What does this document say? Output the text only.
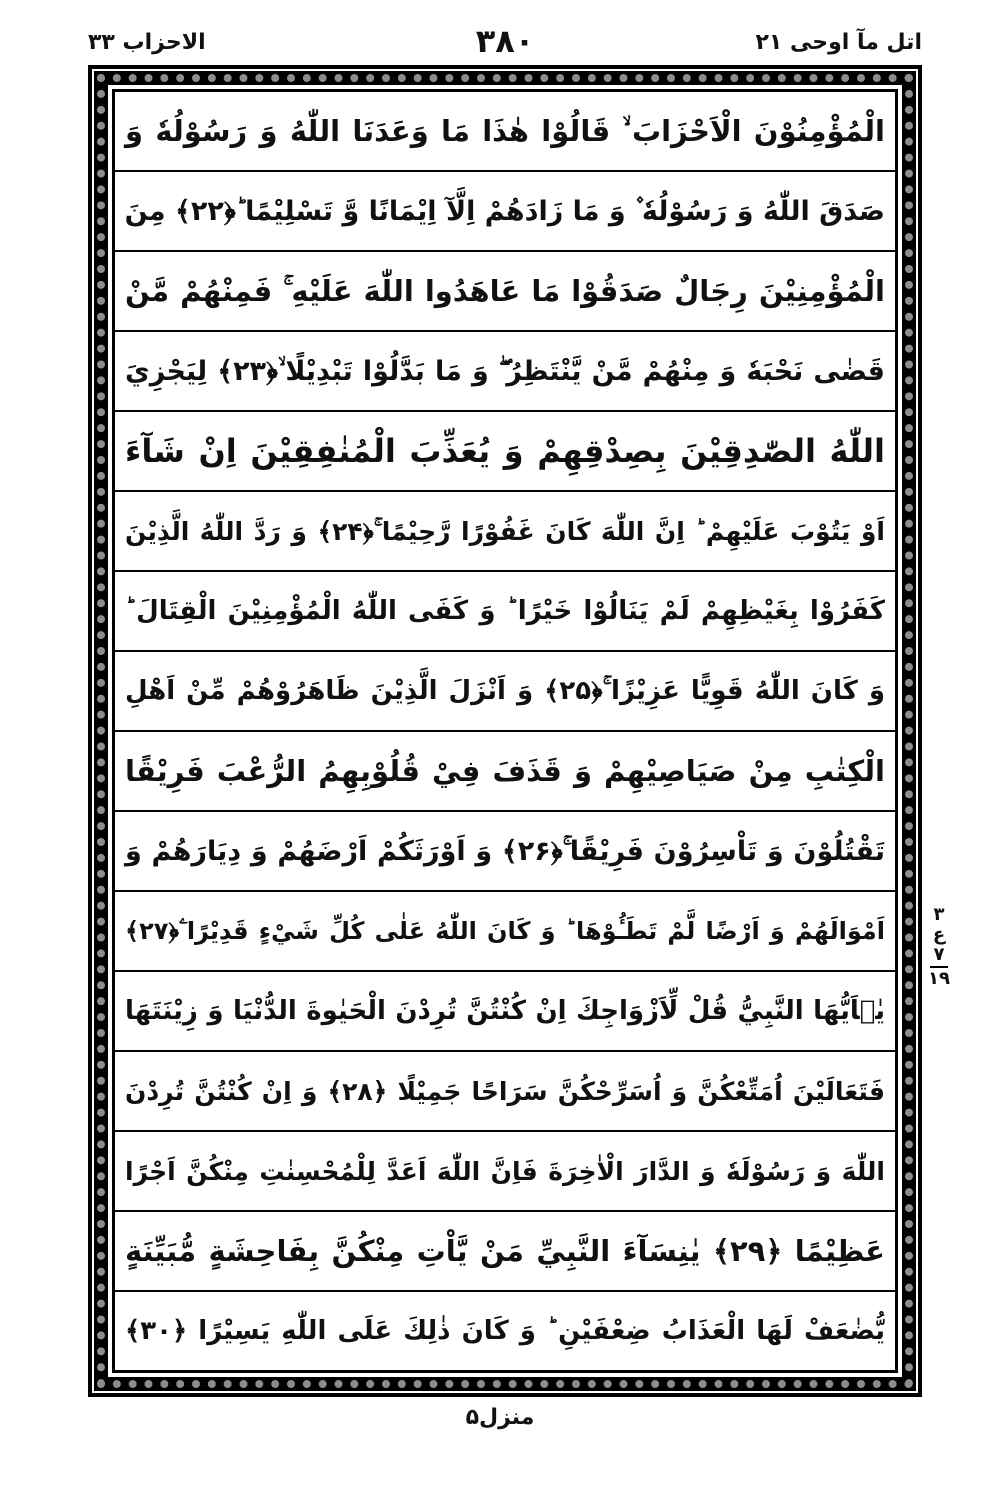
الاحزاب ۳۳	۳۸۰	اتل مآ اوحی ۲۱
الْمُؤْمِنُوْنَ الْاَحْزَابَ ۙ قَالُوْا هٰذَا مَا وَعَدَنَا اللّٰهُ وَ رَسُوْلُهٗ وَ
صَدَقَ اللّٰهُ وَ رَسُوْلُهٗ ۫ وَ مَا زَادَهُمْ اِلَّآ اِيْمَانًا وَّ تَسْلِيْمًا ؕ﴿۲۲﴾ مِنَ
الْمُؤْمِنِيْنَ رِجَالٌ صَدَقُوْا مَا عَاهَدُوا اللّٰهَ عَلَيْهِ ۚ فَمِنْهُمْ مَّنْ
قَضٰى نَحْبَهٗ وَ مِنْهُمْ مَّنْ يَّنْتَظِرُ ۖ وَ مَا بَدَّلُوْا تَبْدِيْلًا ۙ﴿۲۳﴾ لِيَجْزِيَ
اللّٰهُ الصّٰدِقِيْنَ بِصِدْقِهِمْ وَ يُعَذِّبَ الْمُنٰفِقِيْنَ اِنْ شَآءَ
اَوْ يَتُوْبَ عَلَيْهِمْ ؕ اِنَّ اللّٰهَ كَانَ غَفُوْرًا رَّحِيْمًا ۚ﴿۲۴﴾ وَ رَدَّ اللّٰهُ الَّذِيْنَ
كَفَرُوْا بِغَيْظِهِمْ لَمْ يَنَالُوْا خَيْرًا ؕ وَ كَفَى اللّٰهُ الْمُؤْمِنِيْنَ الْقِتَالَ ؕ
وَ كَانَ اللّٰهُ قَوِيًّا عَزِيْزًا ۚ﴿۲۵﴾ وَ اَنْزَلَ الَّذِيْنَ ظَاهَرُوْهُمْ مِّنْ اَهْلِ
الْكِتٰبِ مِنْ صَيَاصِيْهِمْ وَ قَذَفَ فِيْ قُلُوْبِهِمُ الرُّعْبَ فَرِيْقًا
تَقْتُلُوْنَ وَ تَاْسِرُوْنَ فَرِيْقًا ۚ﴿۲۶﴾ وَ اَوْرَثَكُمْ اَرْضَهُمْ وَ دِيَارَهُمْ وَ
اَمْوَالَهُمْ وَ اَرْضًا لَّمْ تَطَـُٔوْهَا ؕ وَ كَانَ اللّٰهُ عَلٰى كُلِّ شَيْءٍ قَدِيْرًا ۧ﴿۲۷﴾
يٰۤاَيُّهَا النَّبِيُّ قُلْ لِّاَزْوَاجِكَ اِنْ كُنْتُنَّ تُرِدْنَ الْحَيٰوةَ الدُّنْيَا وَ زِيْنَتَهَا
فَتَعَالَيْنَ اُمَتِّعْكُنَّ وَ اُسَرِّحْكُنَّ سَرَاحًا جَمِيْلًا ﴿۲۸﴾ وَ اِنْ كُنْتُنَّ تُرِدْنَ
اللّٰهَ وَ رَسُوْلَهٗ وَ الدَّارَ الْاٰخِرَةَ فَاِنَّ اللّٰهَ اَعَدَّ لِلْمُحْسِنٰتِ مِنْكُنَّ اَجْرًا
عَظِيْمًا ﴿۲۹﴾ يٰنِسَآءَ النَّبِيِّ مَنْ يَّاْتِ مِنْكُنَّ بِفَاحِشَةٍ مُّبَيِّنَةٍ
يُّضٰعَفْ لَهَا الْعَذَابُ ضِعْفَيْنِ ؕ وَ كَانَ ذٰلِكَ عَلَى اللّٰهِ يَسِيْرًا ﴿۳۰﴾
۳
ع
۷
۱۹
منزل۵
